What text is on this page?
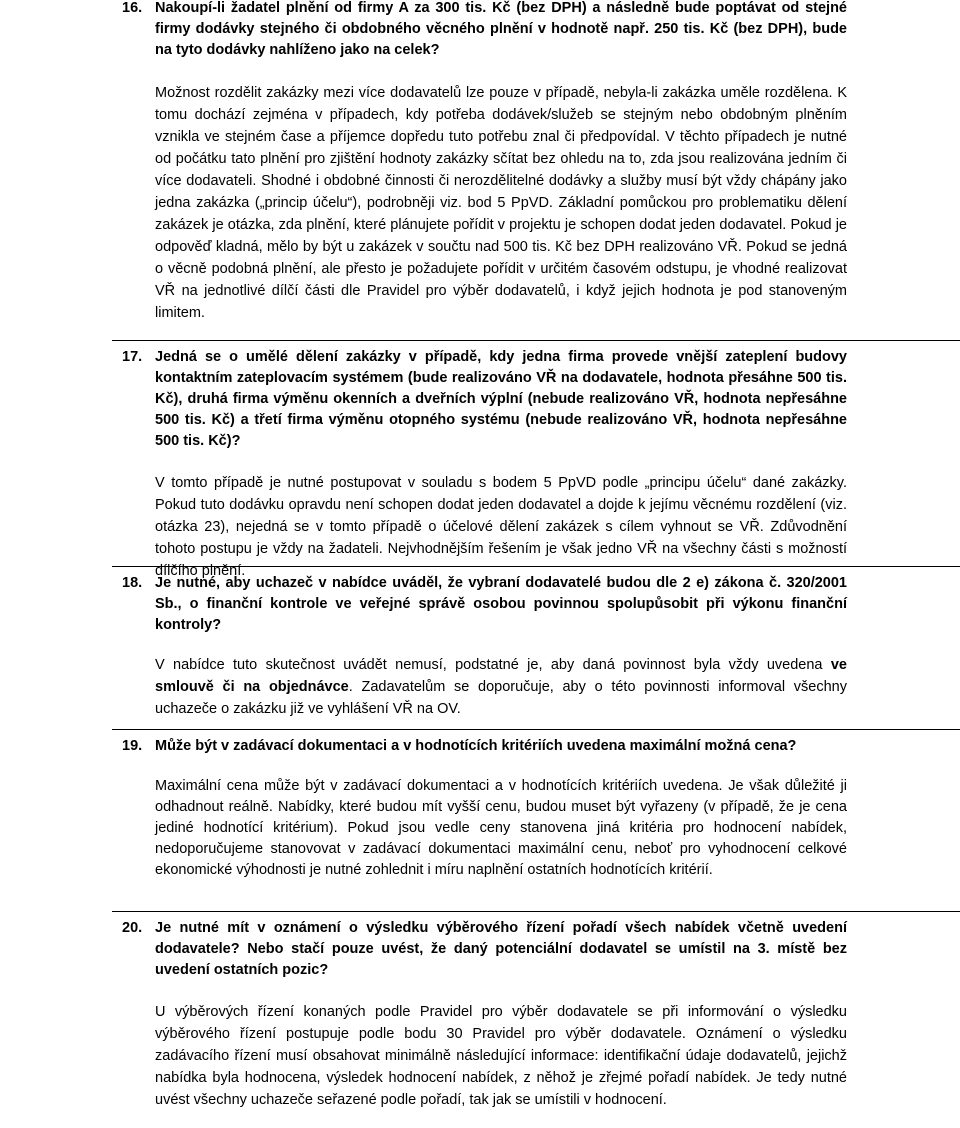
16. Nakoupí-li žadatel plnění od firmy A za 300 tis. Kč (bez DPH) a následně bude poptávat od stejné firmy dodávky stejného či obdobného věcného plnění v hodnotě např. 250 tis. Kč (bez DPH), bude na tyto dodávky nahlíženo jako na celek?
Možnost rozdělit zakázky mezi více dodavatelů lze pouze v případě, nebyla-li zakázka uměle rozdělena. K tomu dochází zejména v případech, kdy potřeba dodávek/služeb se stejným nebo obdobným plněním vznikla ve stejném čase a příjemce dopředu tuto potřebu znal či předpovídal. V těchto případech je nutné od počátku tato plnění pro zjištění hodnoty zakázky sčítat bez ohledu na to, zda jsou realizována jedním či více dodavateli. Shodné i obdobné činnosti či nerozdělitelné dodávky a služby musí být vždy chápány jako jedna zakázka („princip účelu“), podrobněji viz. bod 5 PpVD. Základní pomůckou pro problematiku dělení zakázek je otázka, zda plnění, které plánujete pořídit v projektu je schopen dodat jeden dodavatel. Pokud je odpověď kladná, mělo by být u zakázek v součtu nad 500 tis. Kč bez DPH realizováno VŘ. Pokud se jedná o věcně podobná plnění, ale přesto je požadujete pořídit v určitém časovém odstupu, je vhodné realizovat VŘ na jednotlivé dílčí části dle Pravidel pro výběr dodavatelů, i když jejich hodnota je pod stanoveným limitem.
17. Jedná se o umělé dělení zakázky v případě, kdy jedna firma provede vnější zateplení budovy kontaktním zateplovacím systémem (bude realizováno VŘ na dodavatele, hodnota přesáhne 500 tis. Kč), druhá firma výměnu okenních a dveřních výplní (nebude realizováno VŘ, hodnota nepřesáhne 500 tis. Kč) a třetí firma výměnu otopného systému (nebude realizováno VŘ, hodnota nepřesáhne 500 tis. Kč)?
V tomto případě je nutné postupovat v souladu s bodem 5 PpVD podle „principu účelu“ dané zakázky. Pokud tuto dodávku opravdu není schopen dodat jeden dodavatel a dojde k jejímu věcnému rozdělení (viz. otázka 23), nejedná se v tomto případě o účelové dělení zakázek s cílem vyhnout se VŘ. Zdůvodnění tohoto postupu je vždy na žadateli. Nejvhodnějším řešením je však jedno VŘ na všechny části s možností dílčího plnění.
18. Je nutné, aby uchazeč v nabídce uváděl, že vybraní dodavatelé budou dle 2 e) zákona č. 320/2001 Sb., o finanční kontrole ve veřejné správě osobou povinnou spolupůsobit při výkonu finanční kontroly?
V nabídce tuto skutečnost uvádět nemusí, podstatné je, aby daná povinnost byla vždy uvedena ve smlouvě či na objednávce. Zadavatelům se doporučuje, aby o této povinnosti informoval všechny uchazeče o zakázku již ve vyhlášení VŘ na OV.
19. Může být v zadávací dokumentaci a v hodnotících kritériích uvedena maximální možná cena?
Maximální cena může být v zadávací dokumentaci a v hodnotících kritériích uvedena. Je však důležité ji odhadnout reálně. Nabídky, které budou mít vyšší cenu, budou muset být vyřazeny (v případě, že je cena jediné hodnotící kritérium). Pokud jsou vedle ceny stanovena jiná kritéria pro hodnocení nabídek, nedoporučujeme stanovovat v zadávací dokumentaci maximální cenu, neboť pro vyhodnocení celkové ekonomické výhodnosti je nutné zohlednit i míru naplnění ostatních hodnotících kritérií.
20. Je nutné mít v oznámení o výsledku výběrového řízení pořadí všech nabídek včetně uvedení dodavatele? Nebo stačí pouze uvést, že daný potenciální dodavatel se umístil na 3. místě bez uvedení ostatních pozic?
U výběrových řízení konaných podle Pravidel pro výběr dodavatele se při informování o výsledku výběrového řízení postupuje podle bodu 30 Pravidel pro výběr dodavatele. Oznámení o výsledku zadávacího řízení musí obsahovat minimálně následující informace: identifikační údaje dodavatelů, jejichž nabídka byla hodnocena, výsledek hodnocení nabídek, z něhož je zřejmé pořadí nabídek. Je tedy nutné uvést všechny uchazeče seřazené podle pořadí, tak jak se umístili v hodnocení.
